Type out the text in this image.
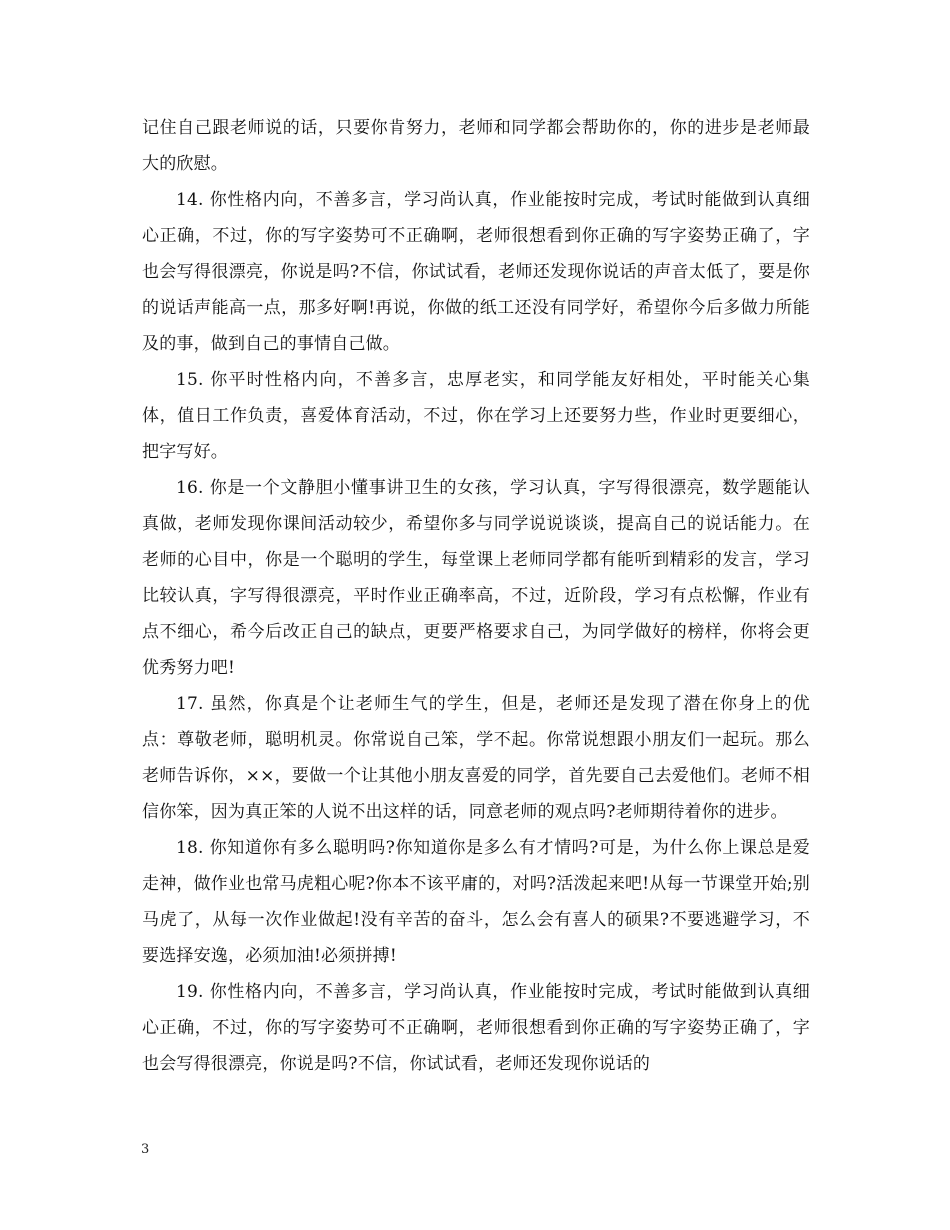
记住自己跟老师说的话，只要你肯努力，老师和同学都会帮助你的，你的进步是老师最大的欣慰。

14. 你性格内向，不善多言，学习尚认真，作业能按时完成，考试时能做到认真细心正确，不过，你的写字姿势可不正确啊，老师很想看到你正确的写字姿势正确了，字也会写得很漂亮，你说是吗?不信，你试试看，老师还发现你说话的声音太低了，要是你的说话声能高一点，那多好啊!再说，你做的纸工还没有同学好，希望你今后多做力所能及的事，做到自己的事情自己做。

15. 你平时性格内向，不善多言，忠厚老实，和同学能友好相处，平时能关心集体，值日工作负责，喜爱体育活动，不过，你在学习上还要努力些，作业时更要细心，把字写好。

16. 你是一个文静胆小懂事讲卫生的女孩，学习认真，字写得很漂亮，数学题能认真做，老师发现你课间活动较少，希望你多与同学说说谈谈，提高自己的说话能力。在老师的心目中，你是一个聪明的学生，每堂课上老师同学都有能听到精彩的发言，学习比较认真，字写得很漂亮，平时作业正确率高，不过，近阶段，学习有点松懈，作业有点不细心，希今后改正自己的缺点，更要严格要求自己，为同学做好的榜样，你将会更优秀努力吧!

17. 虽然，你真是个让老师生气的学生，但是，老师还是发现了潜在你身上的优点：尊敬老师，聪明机灵。你常说自己笨，学不起。你常说想跟小朋友们一起玩。那么老师告诉你，××，要做一个让其他小朋友喜爱的同学，首先要自己去爱他们。老师不相信你笨，因为真正笨的人说不出这样的话，同意老师的观点吗?老师期待着你的进步。

18. 你知道你有多么聪明吗?你知道你是多么有才情吗?可是，为什么你上课总是爱走神，做作业也常马虎粗心呢?你本不该平庸的，对吗?活泼起来吧!从每一节课堂开始;别马虎了，从每一次作业做起!没有辛苦的奋斗，怎么会有喜人的硕果?不要逃避学习，不要选择安逸，必须加油!必须拼搏!

19. 你性格内向，不善多言，学习尚认真，作业能按时完成，考试时能做到认真细心正确，不过，你的写字姿势可不正确啊，老师很想看到你正确的写字姿势正确了，字也会写得很漂亮，你说是吗?不信，你试试看，老师还发现你说话的

3
